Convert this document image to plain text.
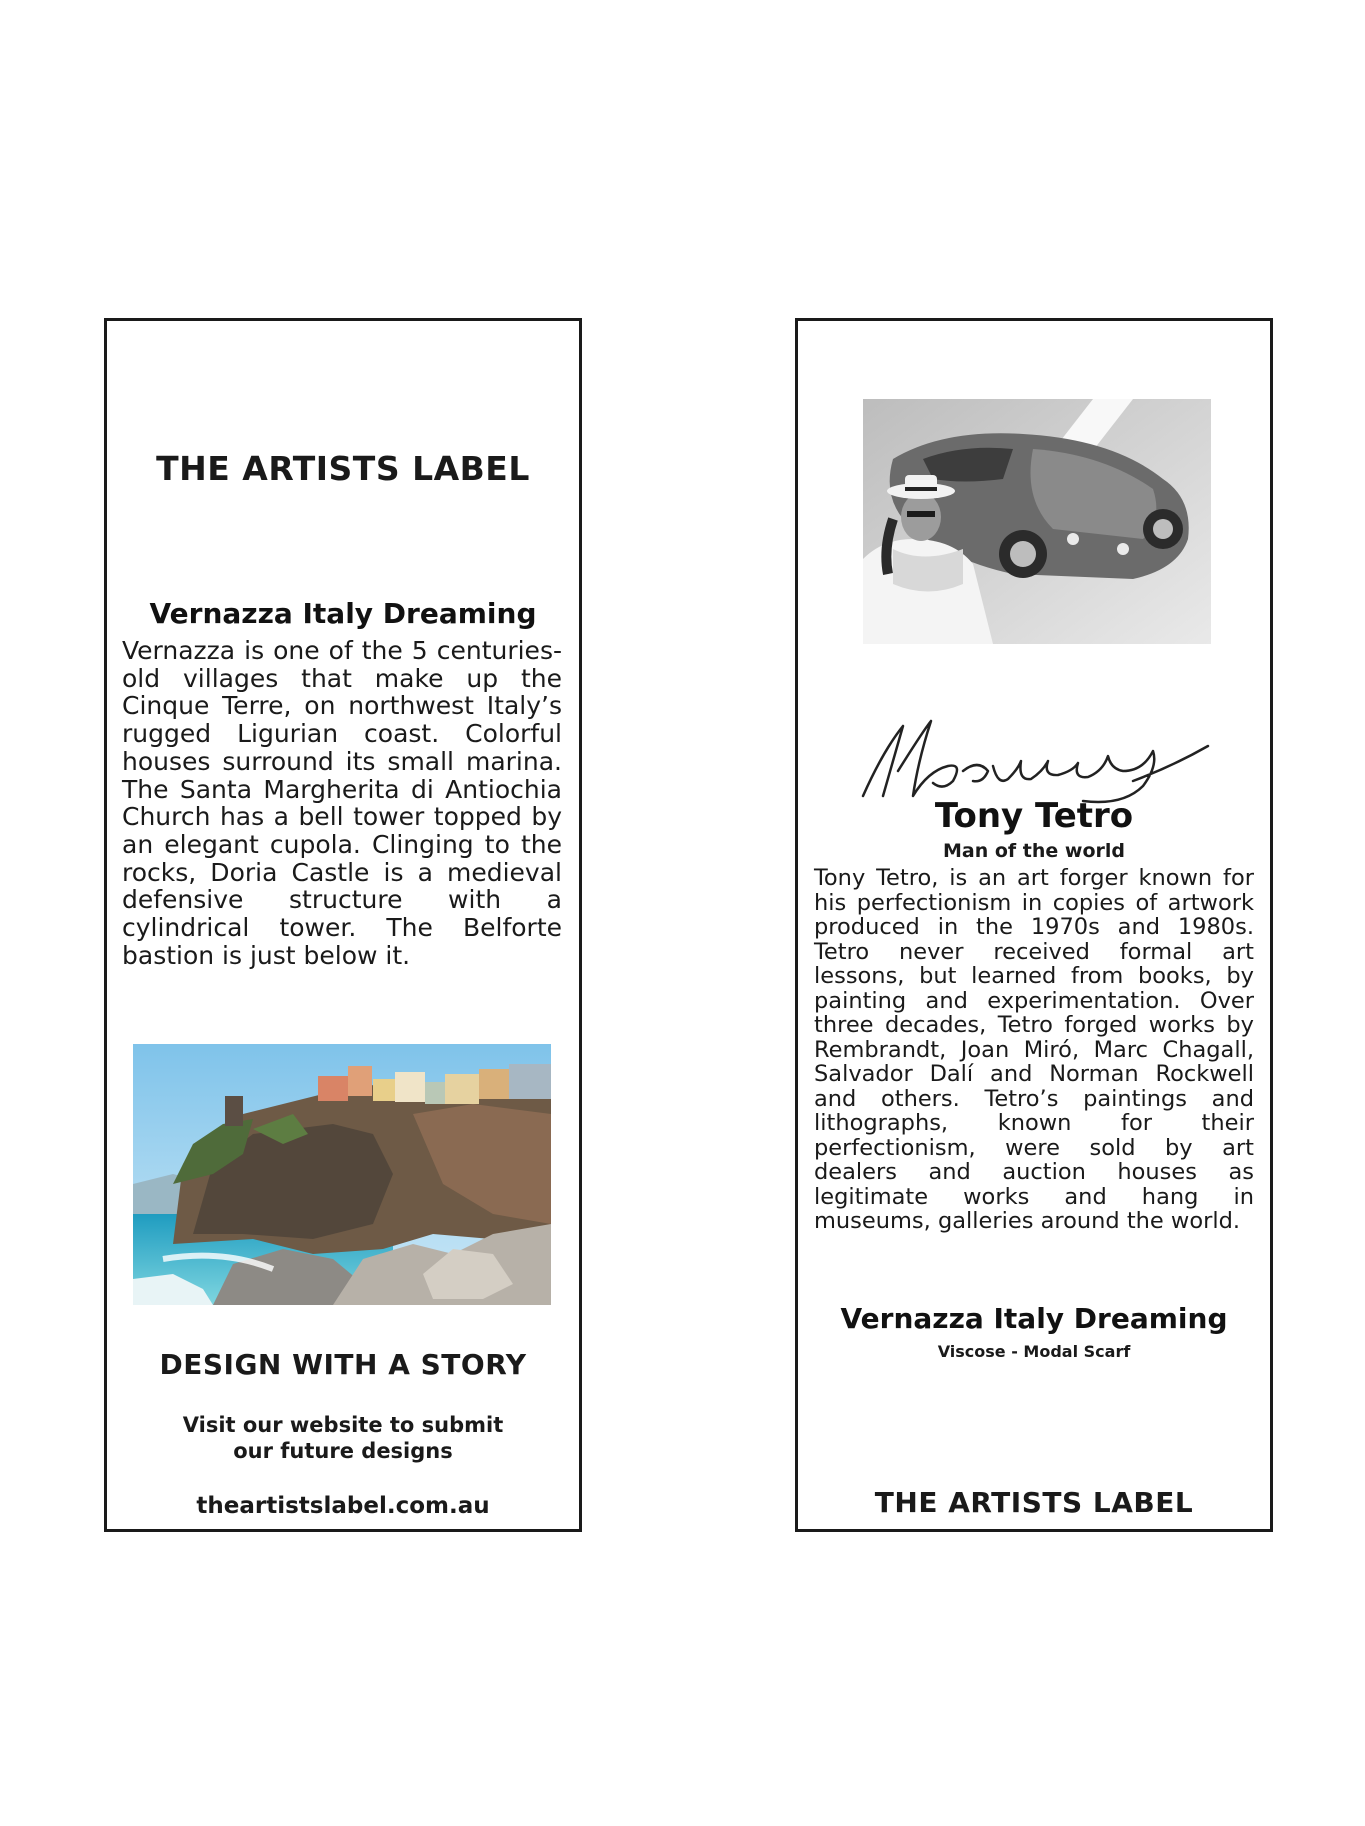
THE ARTISTS LABEL
Vernazza Italy Dreaming

Vernazza is one of the 5 centuries-old villages that make up the Cinque Terre, on northwest Italy’s rugged Ligurian coast. Colorful houses surround its small marina. The Santa Margherita di Antiochia Church has a bell tower topped by an elegant cupola. Clinging to the rocks, Doria Castle is a medieval defensive structure with a cylindrical tower. The Belforte bastion is just below it.

DESIGN WITH A STORY
Visit our website to submit
our future designs
theartistslabel.com.au
Tony Tetro
Man of the world

Tony Tetro, is an art forger known for his perfectionism in copies of artwork produced in the 1970s and 1980s. Tetro never received formal art lessons, but learned from books, by painting and experimentation. Over three decades, Tetro forged works by Rembrandt, Joan Miró, Marc Chagall, Salvador Dalí and Norman Rockwell and others. Tetro’s paintings and lithographs, known for their perfectionism, were sold by art dealers and auction houses as legitimate works and hang in museums, galleries around the world.

Vernazza Italy Dreaming
Viscose - Modal Scarf
THE ARTISTS LABEL
